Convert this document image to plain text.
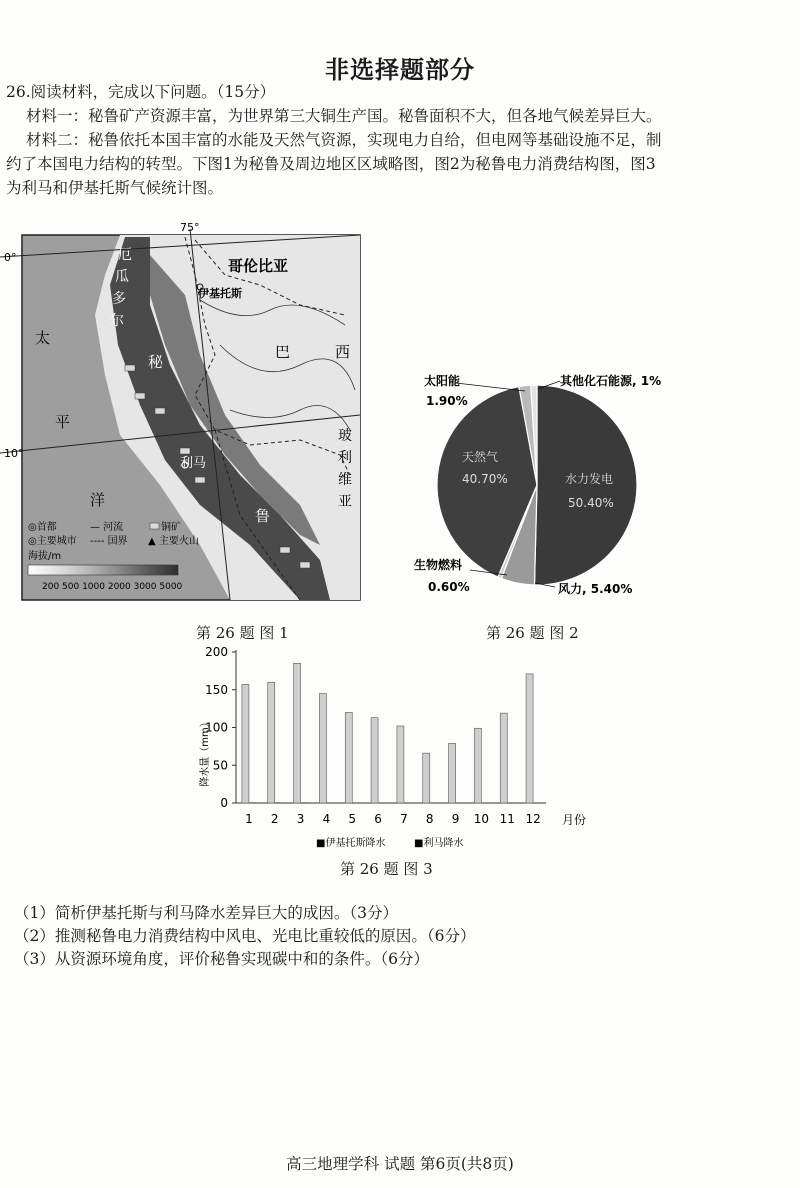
非选择题部分
26.阅读材料，完成以下问题。（15分）
材料一：秘鲁矿产资源丰富，为世界第三大铜生产国。秘鲁面积不大，但各地气候差异巨大。
材料二：秘鲁依托本国丰富的水能及天然气资源，实现电力自给，但电网等基础设施不足，制
约了本国电力结构的转型。下图1为秘鲁及周边地区区域略图，图2为秘鲁电力消费结构图，图3
为利马和伊基托斯气候统计图。
75°
0°
10°
太
平
洋
厄
瓜
多
尔
哥伦比亚
伊基托斯
巴	西
秘
鲁
利马
玻
利
维
亚
◎首都	— 河流	铜矿
◎主要城市 ---- 国界 ▲ 主要火山
海拔/m
200 500 1000 2000 3000 5000
第 26 题 图 1
太阳能
1.90%
其他化石能源, 1%
生物燃料
0.60%	风力, 5.40%
天然气
40.70%	水力发电
50.40%
第 26 题 图 2
0
50
100
150
200
1 2 3 4 5 6 7 8 9 10 11 12
降水量（mm）
月份
■伊基托斯降水	■利马降水
第 26 题 图 3
（1）简析伊基托斯与利马降水差异巨大的成因。（3分）
（2）推测秘鲁电力消费结构中风电、光电比重较低的原因。（6分）
（3）从资源环境角度，评价秘鲁实现碳中和的条件。（6分）
高三地理学科 试题 第6页(共8页)
